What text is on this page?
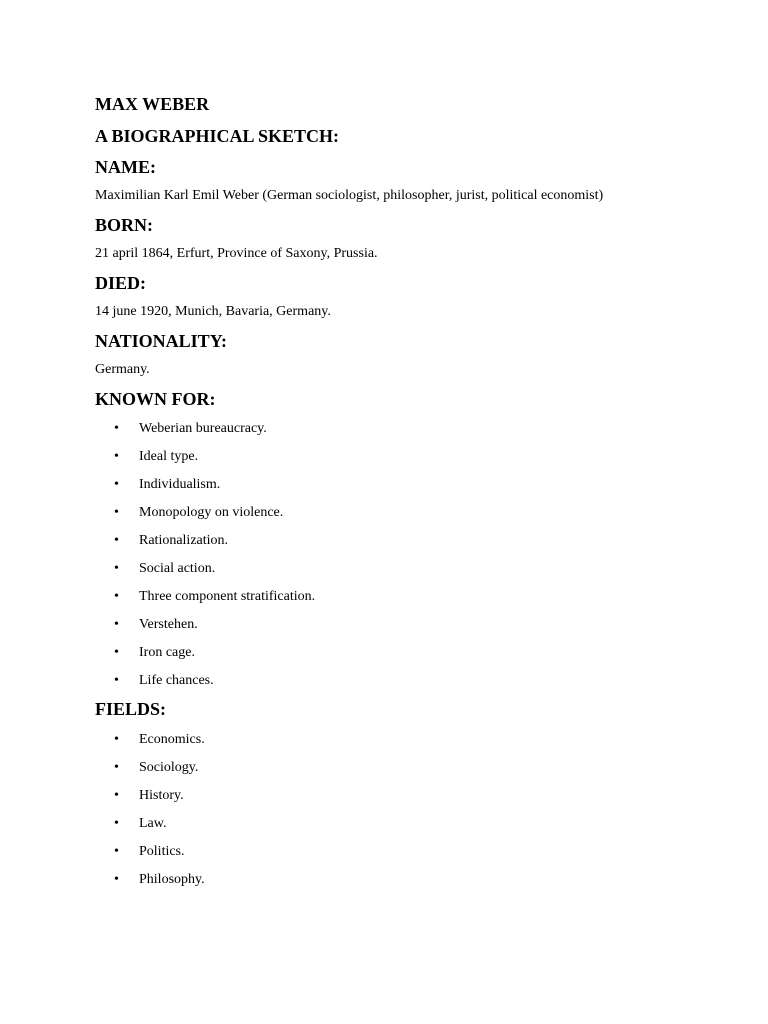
MAX WEBER
A BIOGRAPHICAL SKETCH:
NAME:
Maximilian Karl Emil Weber (German sociologist, philosopher, jurist, political economist)
BORN:
21 april 1864, Erfurt, Province of Saxony, Prussia.
DIED:
14 june 1920, Munich, Bavaria, Germany.
NATIONALITY:
Germany.
KNOWN FOR:
•	Weberian bureaucracy.
•	Ideal type.
•	Individualism.
•	Monopology on violence.
•	Rationalization.
•	Social action.
•	Three component stratification.
•	Verstehen.
•	Iron cage.
•	Life chances.
FIELDS:
•	Economics.
•	Sociology.
•	History.
•	Law.
•	Politics.
•	Philosophy.
